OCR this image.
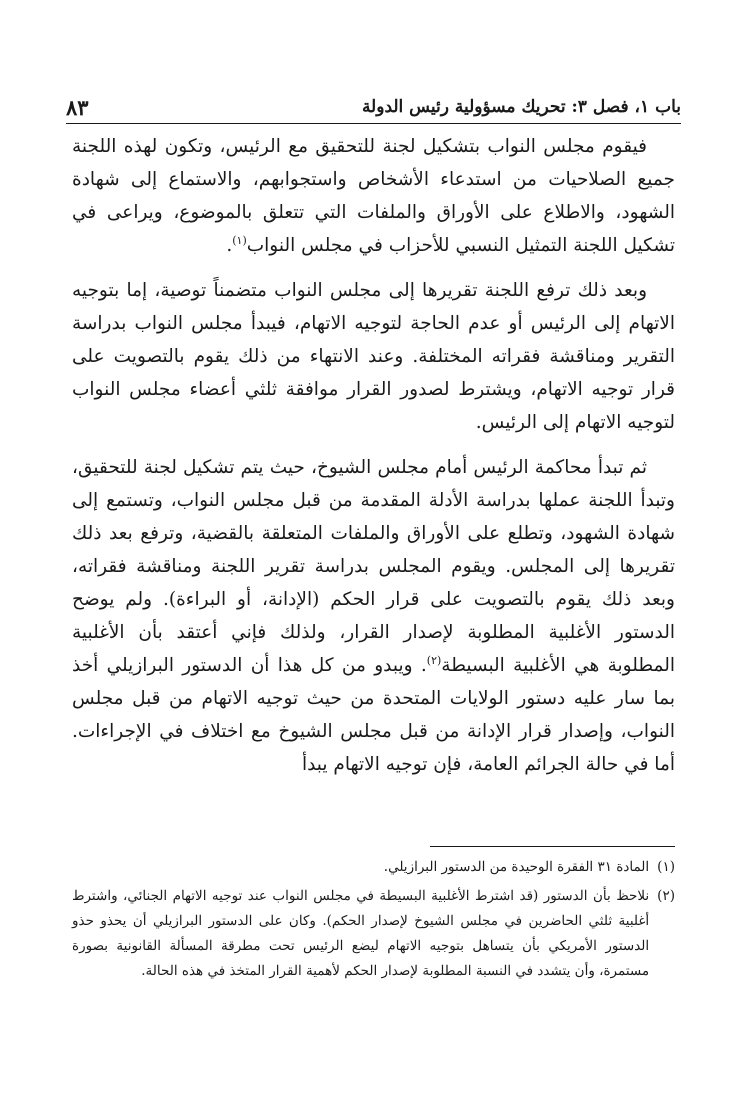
باب ١، فصل ٣: تحريك مسؤولية رئيس الدولة
٨٣

فيقوم مجلس النواب بتشكيل لجنة للتحقيق مع الرئيس، وتكون لهذه اللجنة جميع الصلاحيات من استدعاء الأشخاص واستجوابهم، والاستماع إلى شهادة الشهود، والاطلاع على الأوراق والملفات التي تتعلق بالموضوع، ويراعى في تشكيل اللجنة التمثيل النسبي للأحزاب في مجلس النواب$^{(١)}$.

وبعد ذلك ترفع اللجنة تقريرها إلى مجلس النواب متضمناً توصية، إما بتوجيه الاتهام إلى الرئيس أو عدم الحاجة لتوجيه الاتهام، فيبدأ مجلس النواب بدراسة التقرير ومناقشة فقراته المختلفة. وعند الانتهاء من ذلك يقوم بالتصويت على قرار توجيه الاتهام، ويشترط لصدور القرار موافقة ثلثي أعضاء مجلس النواب لتوجيه الاتهام إلى الرئيس.

ثم تبدأ محاكمة الرئيس أمام مجلس الشيوخ، حيث يتم تشكيل لجنة للتحقيق، وتبدأ اللجنة عملها بدراسة الأدلة المقدمة من قبل مجلس النواب، وتستمع إلى شهادة الشهود، وتطلع على الأوراق والملفات المتعلقة بالقضية، وترفع بعد ذلك تقريرها إلى المجلس. ويقوم المجلس بدراسة تقرير اللجنة ومناقشة فقراته، وبعد ذلك يقوم بالتصويت على قرار الحكم (الإدانة، أو البراءة). ولم يوضح الدستور الأغلبية المطلوبة لإصدار القرار، ولذلك فإني أعتقد بأن الأغلبية المطلوبة هي الأغلبية البسيطة$^{(٢)}$. ويبدو من كل هذا أن الدستور البرازيلي أخذ بما سار عليه دستور الولايات المتحدة من حيث توجيه الاتهام من قبل مجلس النواب، وإصدار قرار الإدانة من قبل مجلس الشيوخ مع اختلاف في الإجراءات. أما في حالة الجرائم العامة، فإن توجيه الاتهام يبدأ

(١)
المادة ٣١ الفقرة الوحيدة من الدستور البرازيلي.
(٢)
نلاحظ بأن الدستور (قد اشترط الأغلبية البسيطة في مجلس النواب عند توجيه الاتهام الجنائي، واشترط أغلبية ثلثي الحاضرين في مجلس الشيوخ لإصدار الحكم). وكان على الدستور البرازيلي أن يحذو حذو الدستور الأمريكي بأن يتساهل بتوجيه الاتهام ليضع الرئيس تحت مطرقة المسألة القانونية بصورة مستمرة، وأن يتشدد في النسبة المطلوبة لإصدار الحكم لأهمية القرار المتخذ في هذه الحالة.
